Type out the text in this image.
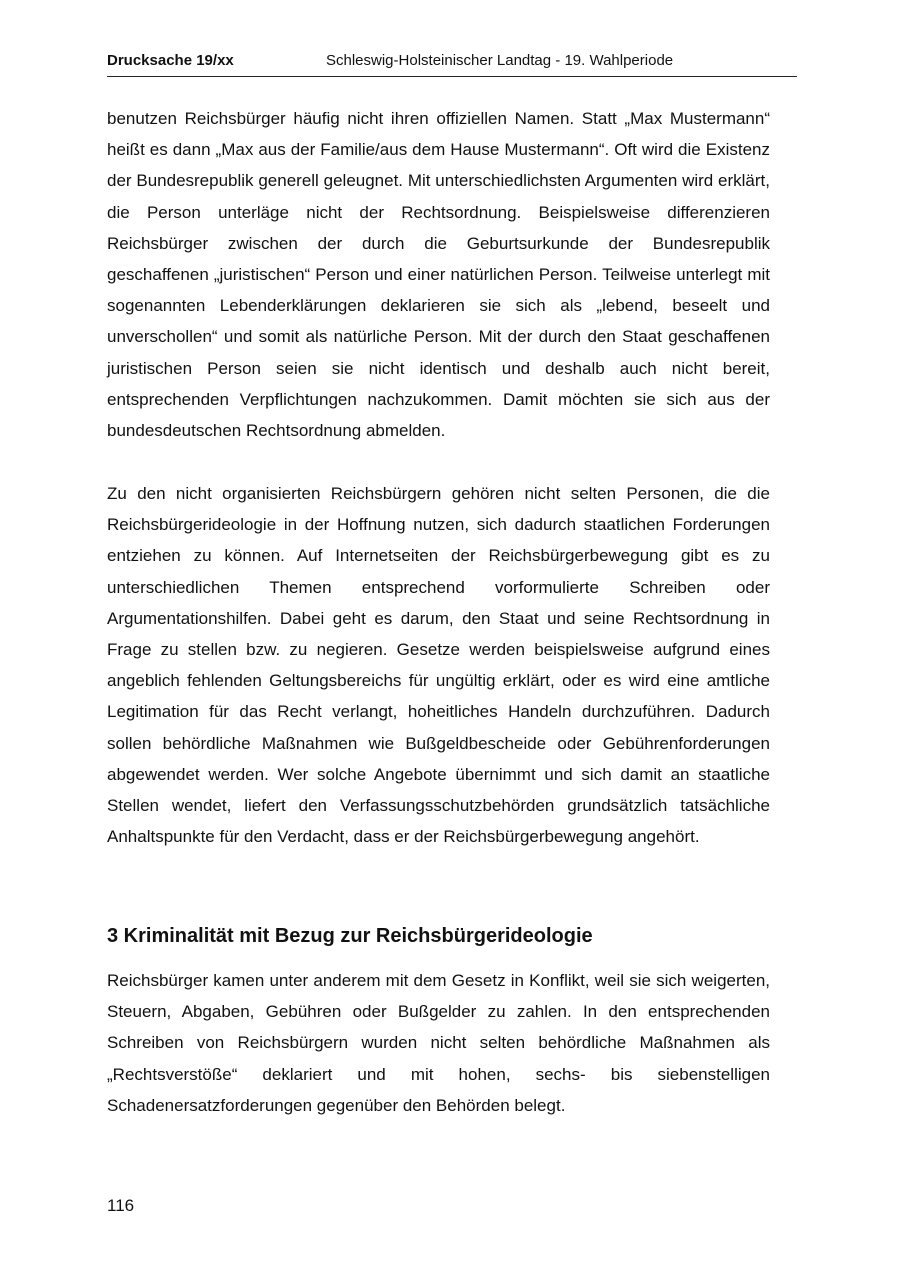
Drucksache 19/xx	Schleswig-Holsteinischer Landtag - 19. Wahlperiode

benutzen Reichsbürger häufig nicht ihren offiziellen Namen. Statt „Max Mustermann“ heißt es dann „Max aus der Familie/aus dem Hause Mustermann“. Oft wird die Existenz der Bundesrepublik generell geleugnet. Mit unterschiedlichsten Argumenten wird erklärt, die Person unterläge nicht der Rechtsordnung. Beispielsweise differenzieren Reichsbürger zwischen der durch die Geburtsurkunde der Bundesrepublik geschaffenen „juristischen“ Person und einer natürlichen Person. Teilweise unterlegt mit sogenannten Lebenderklärungen deklarieren sie sich als „lebend, beseelt und unverschollen“ und somit als natürliche Person. Mit der durch den Staat geschaffenen juristischen Person seien sie nicht identisch und deshalb auch nicht bereit, entsprechenden Verpflichtungen nachzukommen. Damit möchten sie sich aus der bundesdeutschen Rechtsordnung abmelden.

Zu den nicht organisierten Reichsbürgern gehören nicht selten Personen, die die Reichsbürgerideologie in der Hoffnung nutzen, sich dadurch staatlichen Forderungen entziehen zu können. Auf Internetseiten der Reichsbürgerbewegung gibt es zu unterschiedlichen Themen entsprechend vorformulierte Schreiben oder Argumentationshilfen. Dabei geht es darum, den Staat und seine Rechtsordnung in Frage zu stellen bzw. zu negieren. Gesetze werden beispielsweise aufgrund eines angeblich fehlenden Geltungsbereichs für ungültig erklärt, oder es wird eine amtliche Legitimation für das Recht verlangt, hoheitliches Handeln durchzuführen. Dadurch sollen behördliche Maßnahmen wie Bußgeldbescheide oder Gebührenforderungen abgewendet werden. Wer solche Angebote übernimmt und sich damit an staatliche Stellen wendet, liefert den Verfassungsschutzbehörden grundsätzlich tatsächliche Anhaltspunkte für den Verdacht, dass er der Reichsbürgerbewegung angehört.

3 Kriminalität mit Bezug zur Reichsbürgerideologie

Reichsbürger kamen unter anderem mit dem Gesetz in Konflikt, weil sie sich weigerten, Steuern, Abgaben, Gebühren oder Bußgelder zu zahlen. In den entsprechenden Schreiben von Reichsbürgern wurden nicht selten behördliche Maßnahmen als „Rechtsverstöße“ deklariert und mit hohen, sechs- bis siebenstelligen Schadenersatzforderungen gegenüber den Behörden belegt.

116
